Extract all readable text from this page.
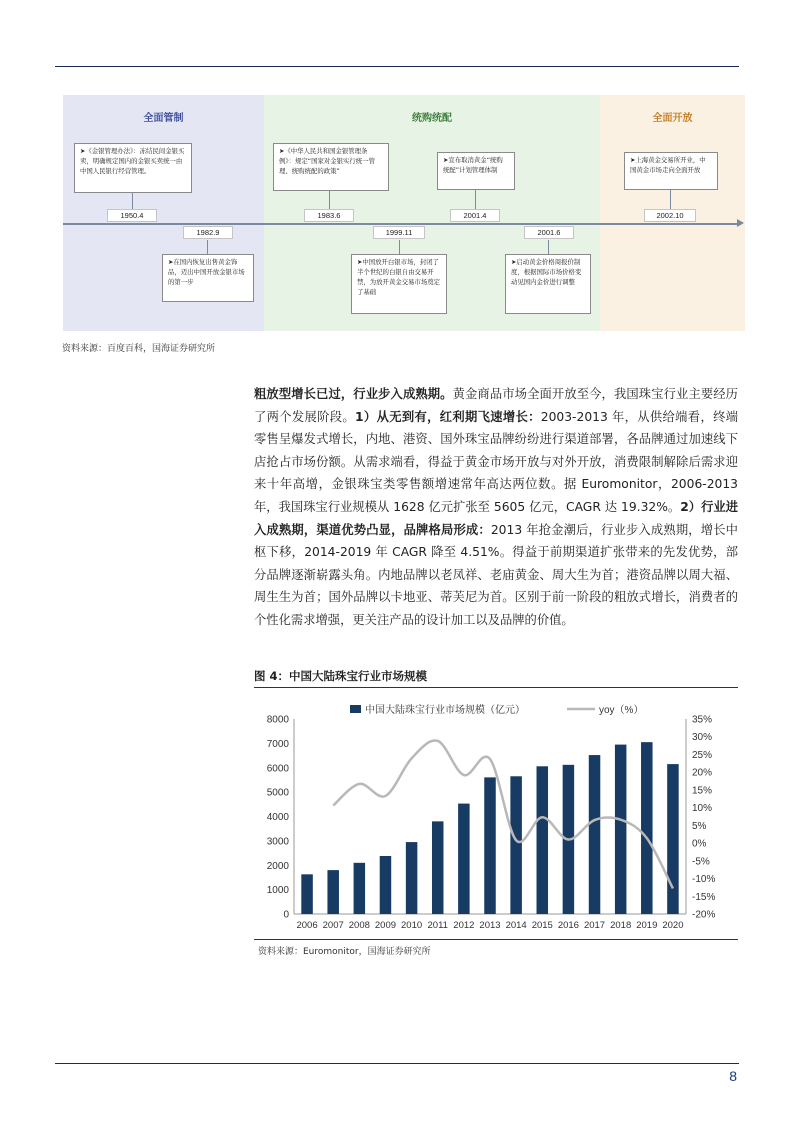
全面管制	统购统配	全面开放
➤《金银管理办法》：冻结民间金银买卖，明确规定国内的金银买卖统一由中国人民银行经营管理。
1950.4
➤《中华人民共和国金银管理条例》：规定“国家对金银实行统一管理、统购统配的政策”
1983.6
➤宣布取消黄金“统购统配”计划管理体制
2001.4
➤上海黄金交易所开业，中国黄金市场走向全面开放
2002.10
1982.9
➤在国内恢复出售黄金饰品，迈出中国开放金银市场的第一步
1999.11
➤中国放开白银市场，封闭了半个世纪的白银自由交易开禁，为放开黄金交易市场奠定了基础
2001.6
➤启动黄金价格周报价制度，根据国际市场价格变动见国内金价进行调整
资料来源：百度百科，国海证券研究所
粗放型增长已过，行业步入成熟期。黄金商品市场全面开放至今，我国珠宝行业主要经历了两个发展阶段。1）从无到有，红利期飞速增长：2003-2013 年，从供给端看，终端零售呈爆发式增长，内地、港资、国外珠宝品牌纷纷进行渠道部署，各品牌通过加速线下店抢占市场份额。从需求端看，得益于黄金市场开放与对外开放，消费限制解除后需求迎来十年高增，金银珠宝类零售额增速常年高达两位数。据 Euromonitor，2006-2013 年，我国珠宝行业规模从 1628 亿元扩张至 5605 亿元，CAGR 达 19.32%。2）行业进入成熟期，渠道优势凸显，品牌格局形成：2013 年抢金潮后，行业步入成熟期，增长中枢下移，2014-2019 年 CAGR 降至 4.51%。得益于前期渠道扩张带来的先发优势，部分品牌逐渐崭露头角。内地品牌以老凤祥、老庙黄金、周大生为首；港资品牌以周大福、周生生为首；国外品牌以卡地亚、蒂芙尼为首。区别于前一阶段的粗放式增长，消费者的个性化需求增强，更关注产品的设计加工以及品牌的价值。
图 4：中国大陆珠宝行业市场规模
0
1000
2000
3000
4000
5000
6000
7000
8000
-20%
-15%
-10%
-5%
0%
5%
10%
15%
20%
25%
30%
35%
2006 2007 2008 2009 2010 2011 2012 2013 2014 2015 2016 2017 2018 2019 2020
中国大陆珠宝行业市场规模（亿元）	yoy（%）
资料来源：Euromonitor，国海证券研究所
8
